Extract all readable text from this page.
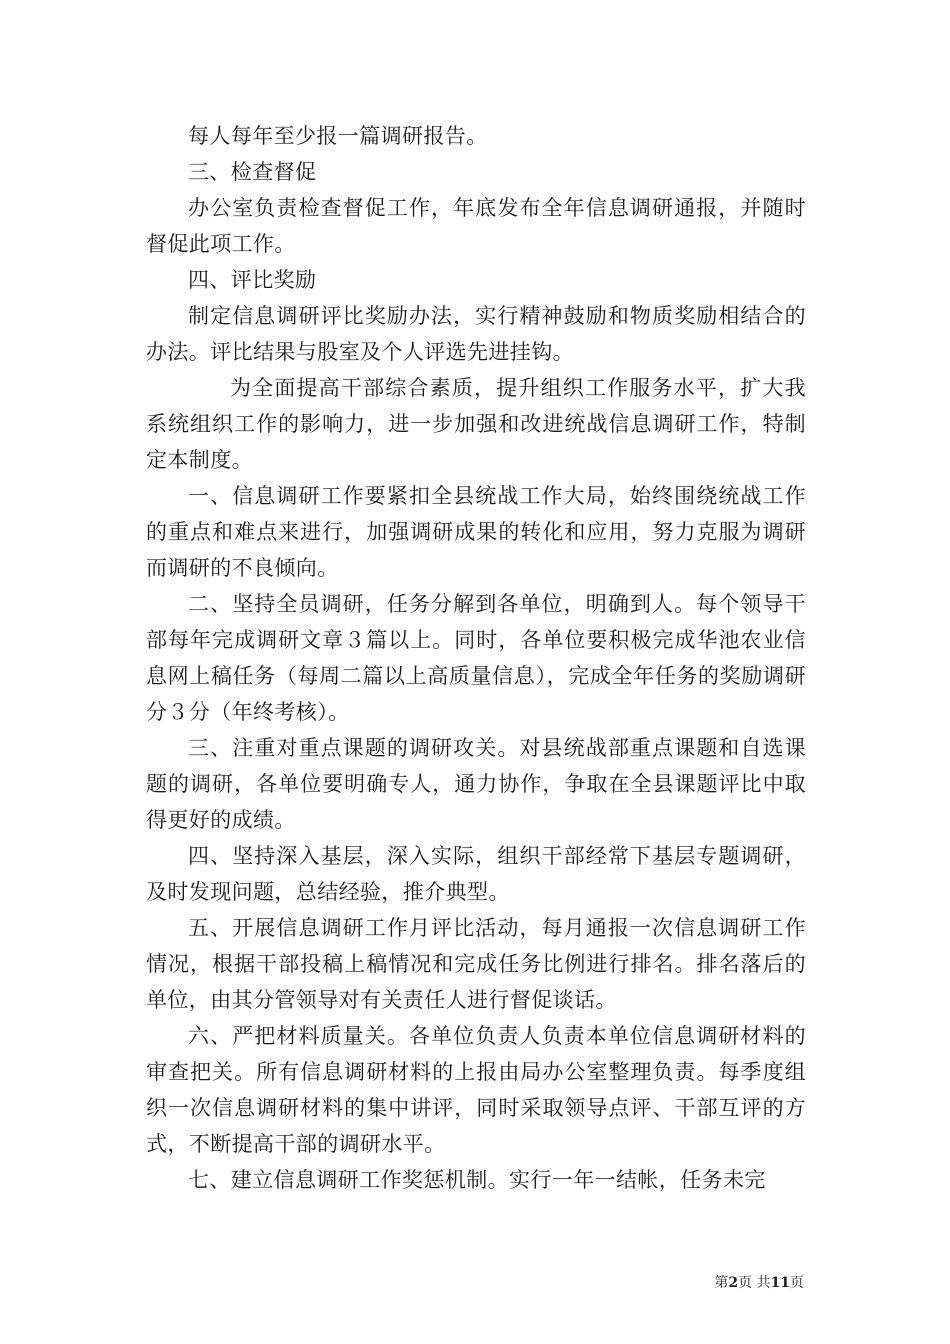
每人每年至少报一篇调研报告。

三、检查督促

办公室负责检查督促工作，年底发布全年信息调研通报，并随时督促此项工作。

四、评比奖励

制定信息调研评比奖励办法，实行精神鼓励和物质奖励相结合的办法。评比结果与股室及个人评选先进挂钩。

为全面提高干部综合素质，提升组织工作服务水平，扩大我系统组织工作的影响力，进一步加强和改进统战信息调研工作，特制定本制度。

一、信息调研工作要紧扣全县统战工作大局，始终围绕统战工作的重点和难点来进行，加强调研成果的转化和应用，努力克服为调研而调研的不良倾向。

二、坚持全员调研，任务分解到各单位，明确到人。每个领导干部每年完成调研文章３篇以上。同时，各单位要积极完成华池农业信息网上稿任务（每周二篇以上高质量信息），完成全年任务的奖励调研分３分（年终考核）。

三、注重对重点课题的调研攻关。对县统战部重点课题和自选课题的调研，各单位要明确专人，通力协作，争取在全县课题评比中取得更好的成绩。

四、坚持深入基层，深入实际，组织干部经常下基层专题调研，及时发现问题，总结经验，推介典型。

五、开展信息调研工作月评比活动，每月通报一次信息调研工作情况，根据干部投稿上稿情况和完成任务比例进行排名。排名落后的单位，由其分管领导对有关责任人进行督促谈话。

六、严把材料质量关。各单位负责人负责本单位信息调研材料的审查把关。所有信息调研材料的上报由局办公室整理负责。每季度组织一次信息调研材料的集中讲评，同时采取领导点评、干部互评的方式，不断提高干部的调研水平。

七、建立信息调研工作奖惩机制。实行一年一结帐，任务未完

第2页 共11页
